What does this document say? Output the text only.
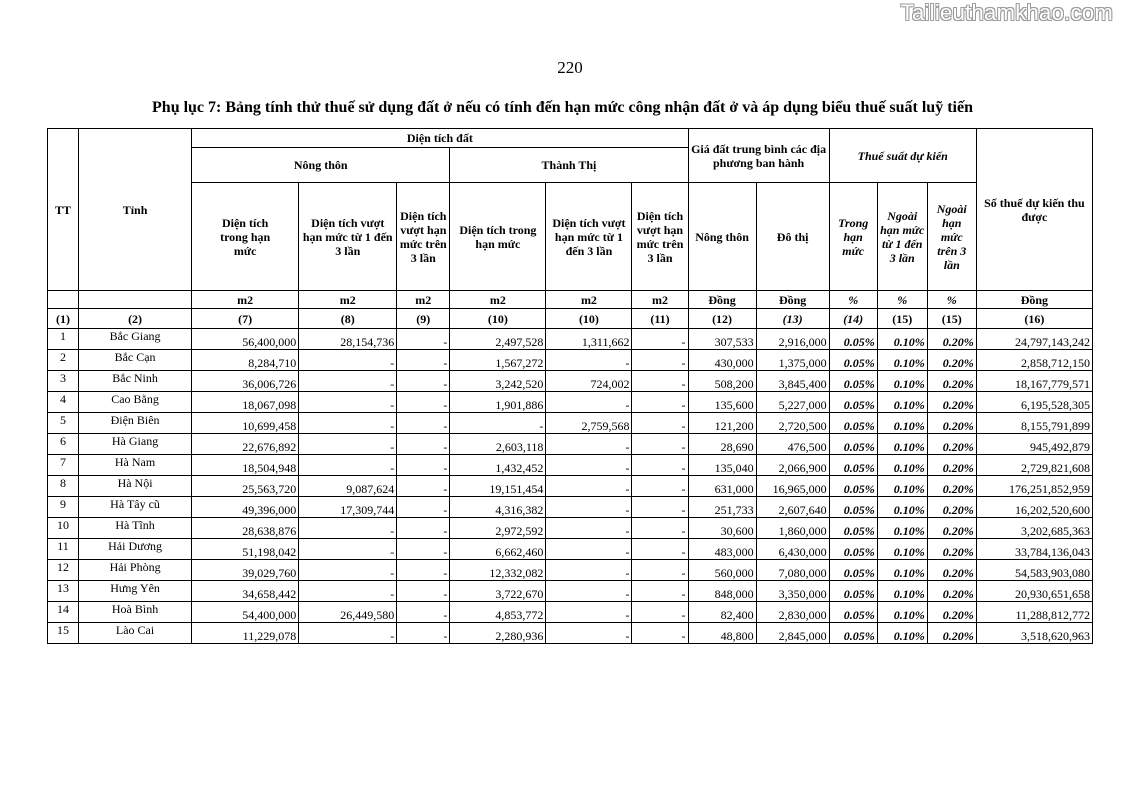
Tailieuthamkhao.com
220
Phụ lục 7: Bảng tính thử thuế sử dụng đất ở nếu có tính đến hạn mức công nhận đất ở và áp dụng biểu thuế suất luỹ tiến
TT	Tỉnh	Diện tích đất						Giá đất trung bình các địa phương ban hành		Thuế suất dự kiến			Số thuế dự kiến thu được
		Nông thôn			Thành Thị								
		Diện tích trong hạn mức	Diện tích vượt hạn mức từ 1 đến 3 lần	Diện tích vượt hạn mức trên 3 lần	Diện tích trong hạn mức	Diện tích vượt hạn mức từ 1 đến 3 lần	Diện tích vượt hạn mức trên 3 lần	Nông thôn	Đô thị	Trong hạn mức	Ngoài hạn mức từ 1 đến 3 lần	Ngoài hạn mức trên 3 lần	
		m2	m2	m2	m2	m2	m2	Đồng	Đồng	%	%	%	Đồng
(1)	(2)	(7)	(8)	(9)	(10)	(10)	(11)	(12)	(13)	(14)	(15)	(15)	(16)
1	Bắc Giang	56,400,000	28,154,736	-	2,497,528	1,311,662	-	307,533	2,916,000	0.05%	0.10%	0.20%	24,797,143,242
2	Bắc Cạn	8,284,710	-	-	1,567,272	-	-	430,000	1,375,000	0.05%	0.10%	0.20%	2,858,712,150
3	Bắc Ninh	36,006,726	-	-	3,242,520	724,002	-	508,200	3,845,400	0.05%	0.10%	0.20%	18,167,779,571
4	Cao Bằng	18,067,098	-	-	1,901,886	-	-	135,600	5,227,000	0.05%	0.10%	0.20%	6,195,528,305
5	Điện Biên	10,699,458	-	-	-	2,759,568	-	121,200	2,720,500	0.05%	0.10%	0.20%	8,155,791,899
6	Hà Giang	22,676,892	-	-	2,603,118	-	-	28,690	476,500	0.05%	0.10%	0.20%	945,492,879
7	Hà Nam	18,504,948	-	-	1,432,452	-	-	135,040	2,066,900	0.05%	0.10%	0.20%	2,729,821,608
8	Hà Nội	25,563,720	9,087,624	-	19,151,454	-	-	631,000	16,965,000	0.05%	0.10%	0.20%	176,251,852,959
9	Hà Tây cũ	49,396,000	17,309,744	-	4,316,382	-	-	251,733	2,607,640	0.05%	0.10%	0.20%	16,202,520,600
10	Hà Tĩnh	28,638,876	-	-	2,972,592	-	-	30,600	1,860,000	0.05%	0.10%	0.20%	3,202,685,363
11	Hải Dương	51,198,042	-	-	6,662,460	-	-	483,000	6,430,000	0.05%	0.10%	0.20%	33,784,136,043
12	Hải Phòng	39,029,760	-	-	12,332,082	-	-	560,000	7,080,000	0.05%	0.10%	0.20%	54,583,903,080
13	Hưng Yên	34,658,442	-	-	3,722,670	-	-	848,000	3,350,000	0.05%	0.10%	0.20%	20,930,651,658
14	Hoà Bình	54,400,000	26,449,580	-	4,853,772	-	-	82,400	2,830,000	0.05%	0.10%	0.20%	11,288,812,772
15	Lào Cai	11,229,078	-	-	2,280,936	-	-	48,800	2,845,000	0.05%	0.10%	0.20%	3,518,620,963
